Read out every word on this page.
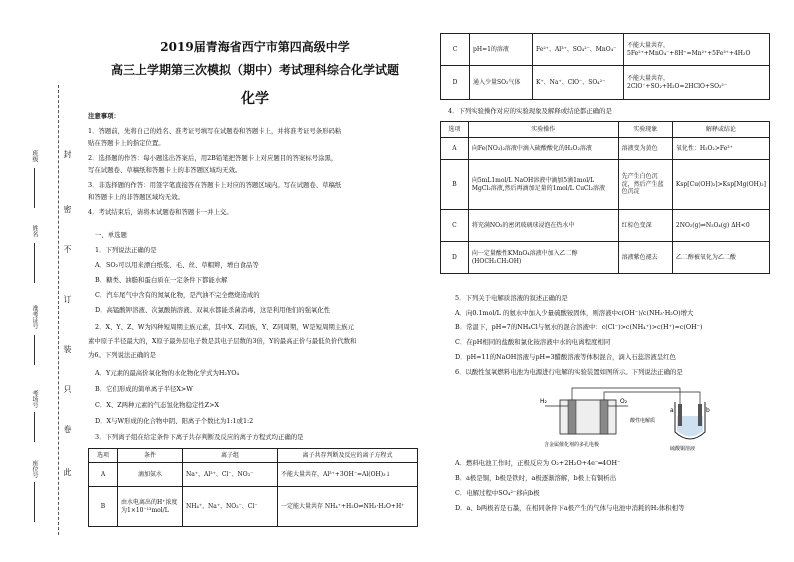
封
密
不
订
装
只
卷
此
班级
姓名
准考证号
考场号
座位号
2019届青海省西宁市第四高级中学
高三上学期第三次模拟（期中）考试理科综合化学试题
化学
注意事项：
1．答题前，先将自己的姓名、准考证号填写在试题卷和答题卡上，并将准考证号条形码粘
贴在答题卡上的指定位置。
2．选择题的作答：每小题选出答案后，用2B铅笔把答题卡上对应题目的答案标号涂黑，
写在试题卷、草稿纸和答题卡上的非答题区域均无效。
3．非选择题的作答：用签字笔直接答在答题卡上对应的答题区域内。写在试题卷、草稿纸
和答题卡上的非答题区域均无效。
4．考试结束后，请将本试题卷和答题卡一并上交。
一、单选题
1．下列说法正确的是
A．SO₂可以用来漂白纸浆、毛、丝、草帽辫，增白食品等
B．糖类、油脂和蛋白质在一定条件下都能水解
C．汽车尾气中含有的氮氧化物，是汽油不完全燃烧造成的
D．高锰酸钾溶液、次氯酸钠溶液、双氧水都能杀菌消毒，这是利用他们的强氧化性
2．X、Y、Z、W为四种短周期主族元素，其中X、Z同族，Y、Z同周期，W是短周期主族元
素中原子半径最大的，X原子最外层电子数是其电子层数的3倍，Y的最高正价与最低负价代数和
为6。下列说法正确的是
A．Y元素的最高价氧化物的水化物化学式为H₂YO₄
B．它们形成的简单离子半径X>W
C．X、Z两种元素的气态氢化物稳定性Z>X
D．X与W形成的化合物中阴、阳离子个数比为1:1或1:2
3．下列离子组在给定条件下离子共存判断及反应的离子方程式均正确的是
选项	条件	离子组	离子共存判断及反应的离子方程式
A	滴加氨水	Na⁺、Al³⁺、Cl⁻、NO₃⁻	不能大量共存，Al³⁺+3OH⁻=Al(OH)₃↓
B	由水电离出的H⁺浓度为1×10⁻¹³mol/L	NH₄⁺、Na⁺、NO₃⁻、Cl⁻	一定能大量共存 NH₄⁺+H₂O⇌NH₃·H₂O+H⁺
C	pH=1的溶液	Fe²⁺、Al³⁺、SO₄²⁻、MnO₄⁻	不能大量共存，5Fe²⁺+MnO₄⁻+8H⁺=Mn²⁺+5Fe³⁺+4H₂O
D	通入少量SO₂气体	K⁺、Na⁺、ClO⁻、SO₄²⁻	不能大量共存，2ClO⁻+SO₂+H₂O=2HClO+SO₃²⁻
4．下列实验操作对应的实验现象及解释或结论都正确的是
选项	实验操作	实验现象	解释或结论
A	向Fe(NO₃)₂溶液中滴入硫酸酸化的H₂O₂溶液	溶液变为黄色	氧化性：H₂O₂>Fe³⁺
B	向5mL1mol/L NaOH溶液中滴加5滴1mol/L MgCl₂溶液,然后再滴加足量的1mol/L CuCl₂溶液	先产生白色沉淀，然后产生蓝色沉淀	Ksp[Cu(OH)₂]>Ksp[Mg(OH)₂]
C	将充满NO₂的密闭玻璃球浸泡在热水中	红棕色变深	2NO₂(g)⇌N₂O₄(g) ΔH<0
D	向一定量酸性KMnO₄溶液中加入乙二醇(HOCH₂CH₂OH)	溶液紫色褪去	乙二醇被氧化为乙二酸
5．下列关于电解质溶液的叙述正确的是
A．向0.1mol/L 的氨水中加入少量硫酸铵固体，则溶液中c(OH⁻)/c(NH₃·H₂O)增大
B．常温下，pH=7的NH₄Cl与氨水的混合溶液中：c(Cl⁻)>c(NH₄⁺)>c(H⁺)=c(OH⁻)
C．在pH相同的盐酸和氯化铵溶液中水的电离程度相同
D．pH=11的NaOH溶液与pH=3醋酸溶液等体积混合，滴入石蕊溶液呈红色
6．以酸性氢氧燃料电池为电源进行电解的实验装置如图所示。下列说法正确的是
H₂	O₂
a	b
酸性电解质
含金属催化剂的多孔电极
硫酸铜溶液
A．燃料电池工作时，正极反应为 O₂+2H₂O+4e⁻═4OH⁻
B．a极是铜，b极是铁时，a极逐渐溶解，b极上有铜析出
C．电解过程中SO₄²⁻移向b极
D．a、b两极若是石墨，在相同条件下a极产生的气体与电池中消耗的H₂体积相等
